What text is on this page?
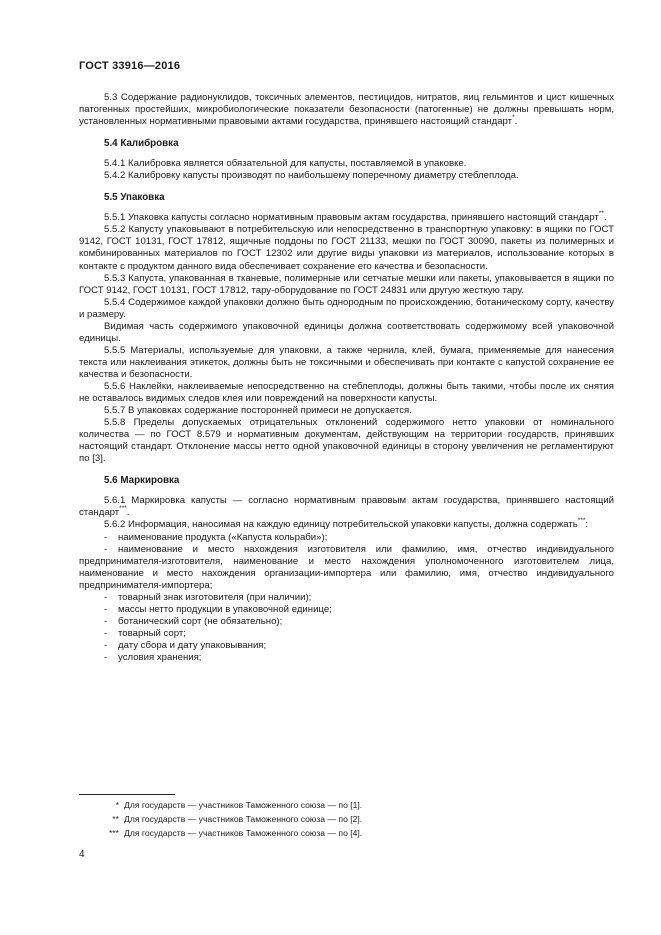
ГОСТ 33916—2016

5.3 Содержание радионуклидов, токсичных элементов, пестицидов, нитратов, яиц гельминтов и цист кишечных патогенных простейших, микробиологические показатели безопасности (патогенные) не должны превышать норм, установленных нормативными правовыми актами государства, принявшего настоящий стандарт*.

5.4 Калибровка

5.4.1 Калибровка является обязательной для капусты, поставляемой в упаковке.

5.4.2 Калибровку капусты производят по наибольшему поперечному диаметру стеблеплода.

5.5 Упаковка

5.5.1 Упаковка капусты согласно нормативным правовым актам государства, принявшего настоящий стандарт**.

5.5.2 Капусту упаковывают в потребительскую или непосредственно в транспортную упаковку: в ящики по ГОСТ 9142, ГОСТ 10131, ГОСТ 17812, ящичные поддоны по ГОСТ 21133, мешки по ГОСТ 30090, пакеты из полимерных и комбинированных материалов по ГОСТ 12302 или другие виды упаковки из материалов, использование которых в контакте с продуктом данного вида обеспечивает сохранение его качества и безопасности.

5.5.3 Капуста, упакованная в тканевые, полимерные или сетчатые мешки или пакеты, упаковывается в ящики по ГОСТ 9142, ГОСТ 10131, ГОСТ 17812, тару-оборудование по ГОСТ 24831 или другую жесткую тару.

5.5.4 Содержимое каждой упаковки должно быть однородным по происхождению, ботаническому сорту, качеству и размеру.

Видимая часть содержимого упаковочной единицы должна соответствовать содержимому всей упаковочной единицы.

5.5.5 Материалы, используемые для упаковки, а также чернила, клей, бумага, применяемые для нанесения текста или наклеивания этикеток, должны быть не токсичными и обеспечивать при контакте с капустой сохранение ее качества и безопасности.

5.5.6 Наклейки, наклеиваемые непосредственно на стеблеплоды, должны быть такими, чтобы после их снятия не оставалось видимых следов клея или повреждений на поверхности капусты.

5.5.7 В упаковках содержание посторонней примеси не допускается.

5.5.8 Пределы допускаемых отрицательных отклонений содержимого нетто упаковки от номинального количества — по ГОСТ 8.579 и нормативным документам, действующим на территории государств, принявших настоящий стандарт. Отклонение массы нетто одной упаковочной единицы в сторону увеличения не регламентируют по [3].

5.6 Маркировка

5.6.1 Маркировка капусты — согласно нормативным правовым актам государства, принявшего настоящий стандарт***.

5.6.2 Информация, наносимая на каждую единицу потребительской упаковки капусты, должна содержать***:

- наименование продукта («Капуста кольраби»);

- наименование и место нахождения изготовителя или фамилию, имя, отчество индивидуального предпринимателя-изготовителя, наименование и место нахождения уполномоченного изготовителем лица, наименование и место нахождения организации-импортера или фамилию, имя, отчество индивидуального предпринимателя-импортера;

- товарный знак изготовителя (при наличии);

- массы нетто продукции в упаковочной единице;

- ботанический сорт (не обязательно);

- товарный сорт;

- дату сбора и дату упаковывания;

- условия хранения;

* Для государств — участников Таможенного союза — по [1].
** Для государств — участников Таможенного союза — по [2].
*** Для государств — участников Таможенного союза — по [4].
4
